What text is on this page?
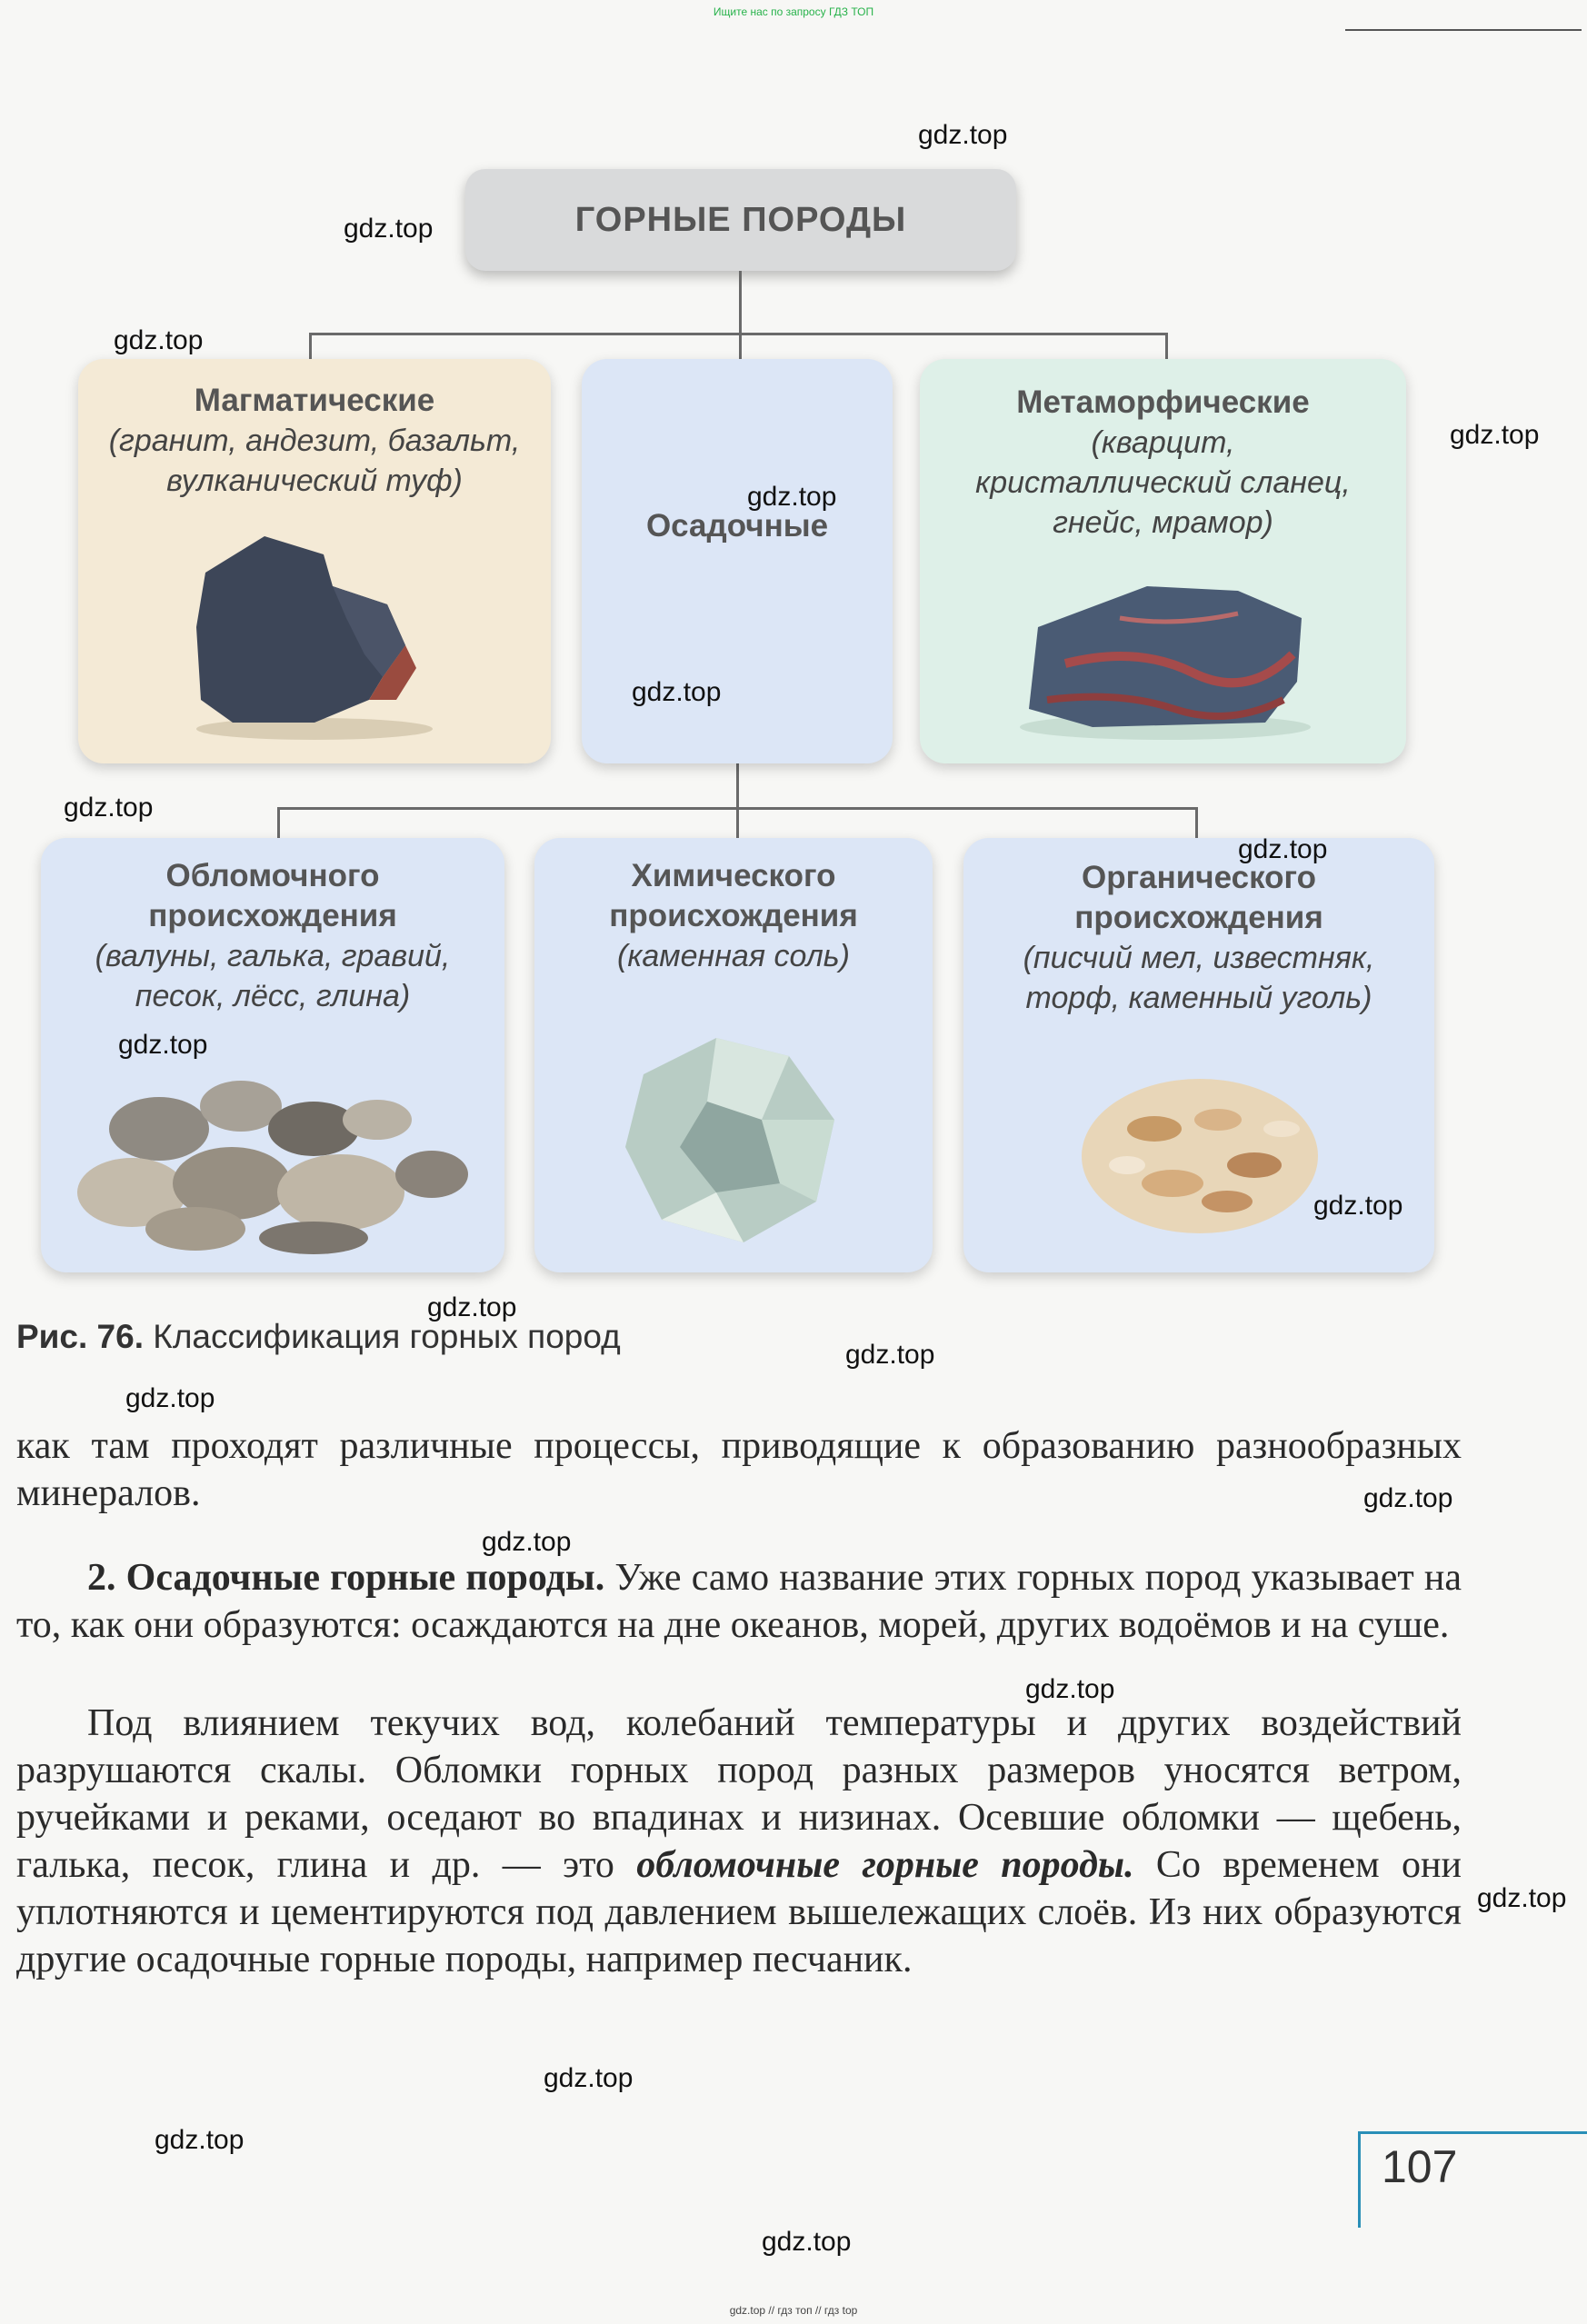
Ищите нас по запросу ГДЗ ТОП
ГОРНЫЕ ПОРОДЫ
Магматические
(гранит, андезит, базальт,
вулканический туф)
Осадочные
Метаморфические
(кварцит,
кристаллический сланец,
гнейс, мрамор)
Обломочного
происхождения
(валуны, галька, гравий,
песок, лёсс, глина)
Химического
происхождения
(каменная соль)
Органического
происхождения
(писчий мел, известняк,
торф, каменный уголь)
Рис. 76. Классификация горных пород

как там проходят различные процессы, приводящие к образованию разнообразных минералов.

2. Осадочные горные породы. Уже само название этих горных пород указывает на то, как они образуются: осаждаются на дне океанов, морей, других водоёмов и на суше.

Под влиянием текучих вод, колебаний температуры и других воздействий разрушаются скалы. Обломки горных пород разных размеров уносятся ветром, ручейками и реками, оседают во впадинах и низинах. Осевшие обломки — щебень, галька, песок, глина и др. — это обломочные горные породы. Со временем они уплотняются и цементируются под давлением вышележащих слоёв. Из них образуются другие осадочные горные породы, например песчаник.

107
gdz.top
gdz.top
gdz.top
gdz.top
gdz.top
gdz.top
gdz.top
gdz.top
gdz.top
gdz.top
gdz.top
gdz.top
gdz.top
gdz.top
gdz.top
gdz.top
gdz.top
gdz.top
gdz.top
gdz.top
gdz.top // гдз топ // гдз top
